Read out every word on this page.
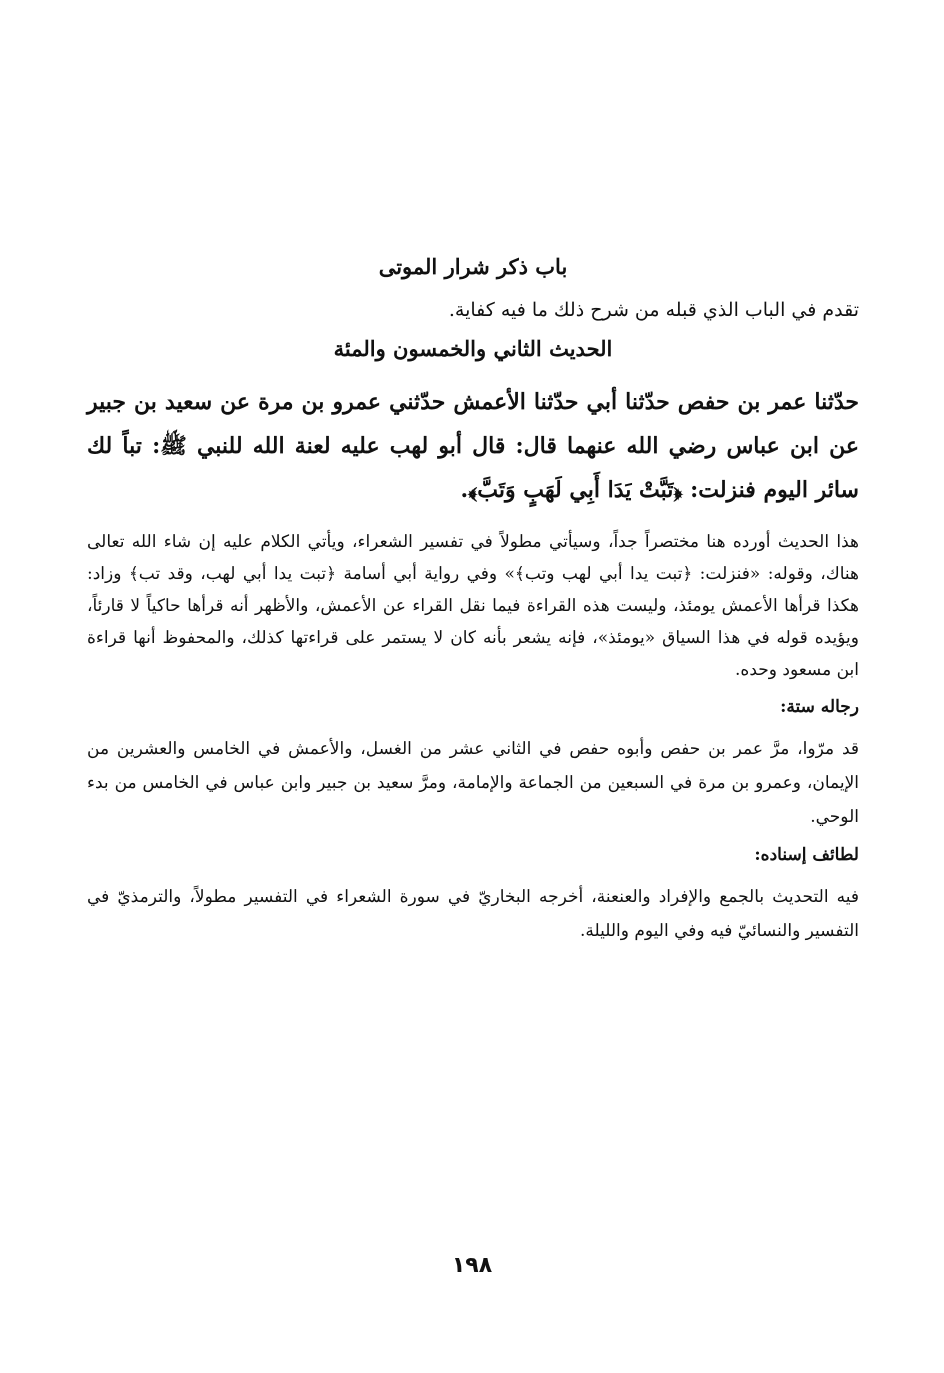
باب ذكر شرار الموتى

تقدم في الباب الذي قبله من شرح ذلك ما فيه كفاية.

الحديث الثاني والخمسون والمئة

حدّثنا عمر بن حفص حدّثنا أبي حدّثنا الأعمش حدّثني عمرو بن مرة عن سعيد بن جبير عن ابن عباس رضي الله عنهما قال: قال أبو لهب عليه لعنة الله للنبي ﷺ: تباً لك سائر اليوم فنزلت: ﴿تَبَّتْ يَدَا أَبِي لَهَبٍ وَتَبَّ﴾.

هذا الحديث أورده هنا مختصراً جداً، وسيأتي مطولاً في تفسير الشعراء، ويأتي الكلام عليه إن شاء الله تعالى هناك، وقوله: «فنزلت: ﴿تبت يدا أبي لهب وتب﴾» وفي رواية أبي أسامة ﴿تبت يدا أبي لهب، وقد تب﴾ وزاد: هكذا قرأها الأعمش يومئذ، وليست هذه القراءة فيما نقل القراء عن الأعمش، والأظهر أنه قرأها حاكياً لا قارئاً، ويؤيده قوله في هذا السياق «يومئذ»، فإنه يشعر بأنه كان لا يستمر على قراءتها كذلك، والمحفوظ أنها قراءة ابن مسعود وحده.

رجاله ستة:

قد مرّوا، مرَّ عمر بن حفص وأبوه حفص في الثاني عشر من الغسل، والأعمش في الخامس والعشرين من الإيمان، وعمرو بن مرة في السبعين من الجماعة والإمامة، ومرَّ سعيد بن جبير وابن عباس في الخامس من بدء الوحي.

لطائف إسناده:

فيه التحديث بالجمع والإفراد والعنعنة، أخرجه البخاريّ في سورة الشعراء في التفسير مطولاً، والترمذيّ في التفسير والنسائيّ فيه وفي اليوم والليلة.

١٩٨
